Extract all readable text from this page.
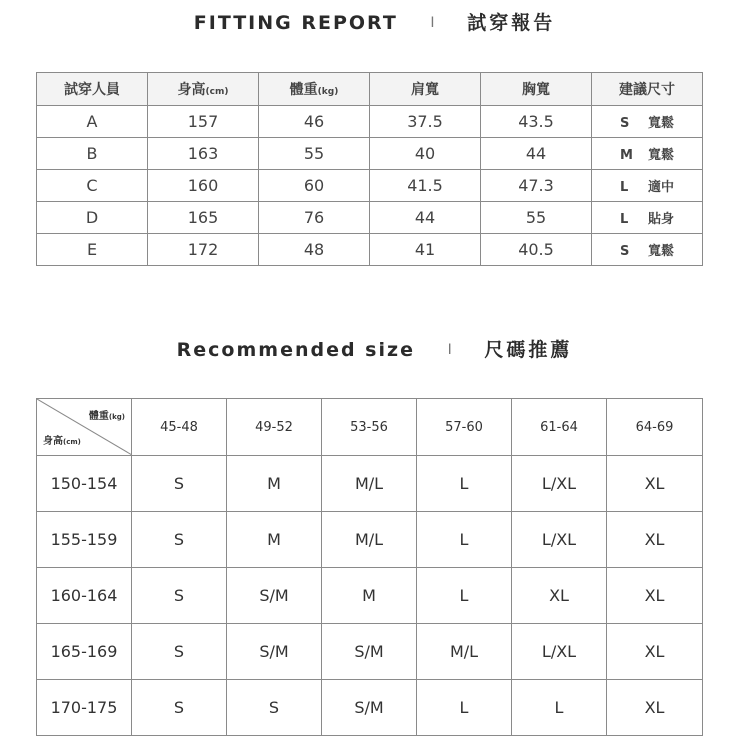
FITTING REPORT I 試穿報告
試穿人員	身高(cm)	體重(kg)	肩寬	胸寬	建議尺寸
A	157	46	37.5	43.5	S 寬鬆
B	163	55	40	44	M 寬鬆
C	160	60	41.5	47.3	L 適中
D	165	76	44	55	L 貼身
E	172	48	41	40.5	S 寬鬆
Recommended size I 尺碼推薦
體重(kg)
身高(cm)	45-48	49-52	53-56	57-60	61-64	64-69
150-154	S	M	M/L	L	L/XL	XL
155-159	S	M	M/L	L	L/XL	XL
160-164	S	S/M	M	L	XL	XL
165-169	S	S/M	S/M	M/L	L/XL	XL
170-175	S	S	S/M	L	L	XL
